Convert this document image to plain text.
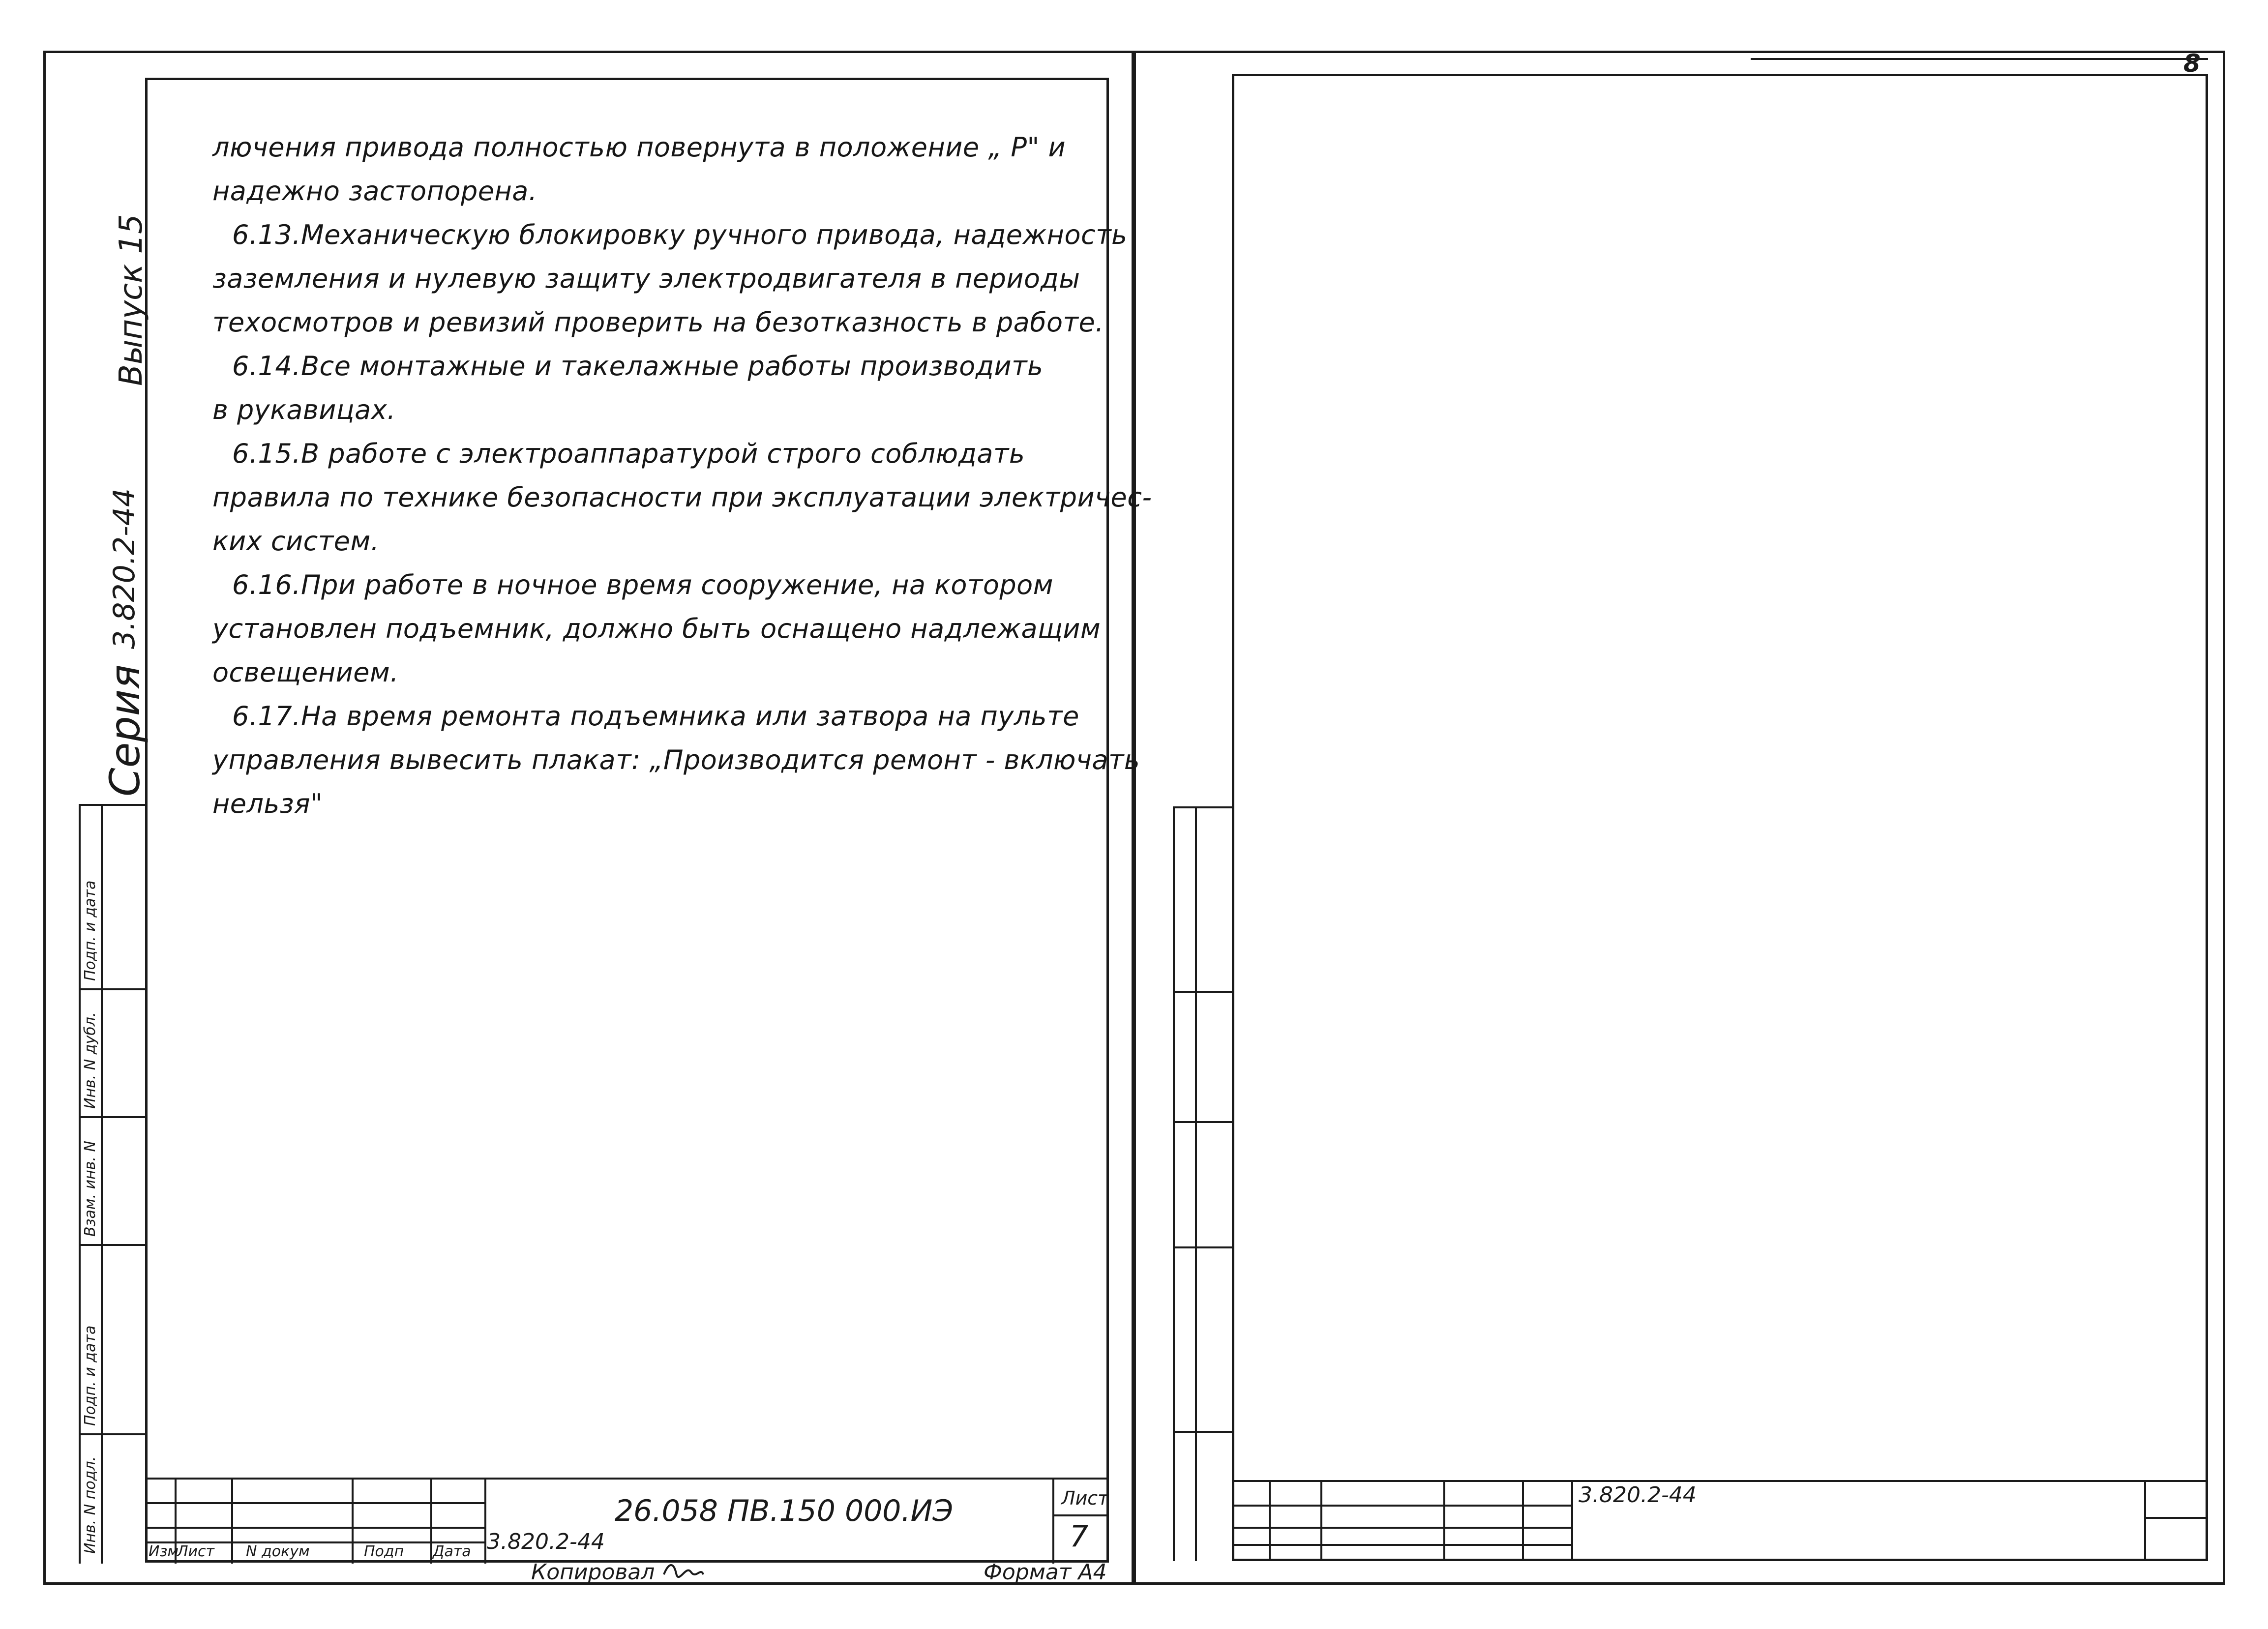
Выпуск 15
Серия
3.820.2-44
Инв. N подл.
Подп. и дата
Взам. инв. N
Инв. N дубл.
Подп. и дата

лючения привода полностью повернута в положение „ P" и

надежно застопорена.

6.13.Механическую блокировку ручного привода, надежность

заземления и нулевую защиту электродвигателя в периоды

техосмотров и ревизий проверить на безотказность в работе.

6.14.Все монтажные и такелажные работы производить

в рукавицах.

6.15.В работе с электроаппаратурой строго соблюдать

правила по технике безопасности при эксплуатации электричес-

ких систем.

6.16.При работе в ночное время сооружение, на котором

установлен подъемник, должно быть оснащено надлежащим

освещением.

6.17.На время ремонта подъемника или затвора на пульте

управления вывесить плакат: „Производится ремонт - включать

нельзя"

Изм
Лист N докум	Подп Дата 3.820.2-44
26.058 ПВ.150 000.ИЭ	Лист
7
Копировал	Формат А4
8
3.820.2-44
